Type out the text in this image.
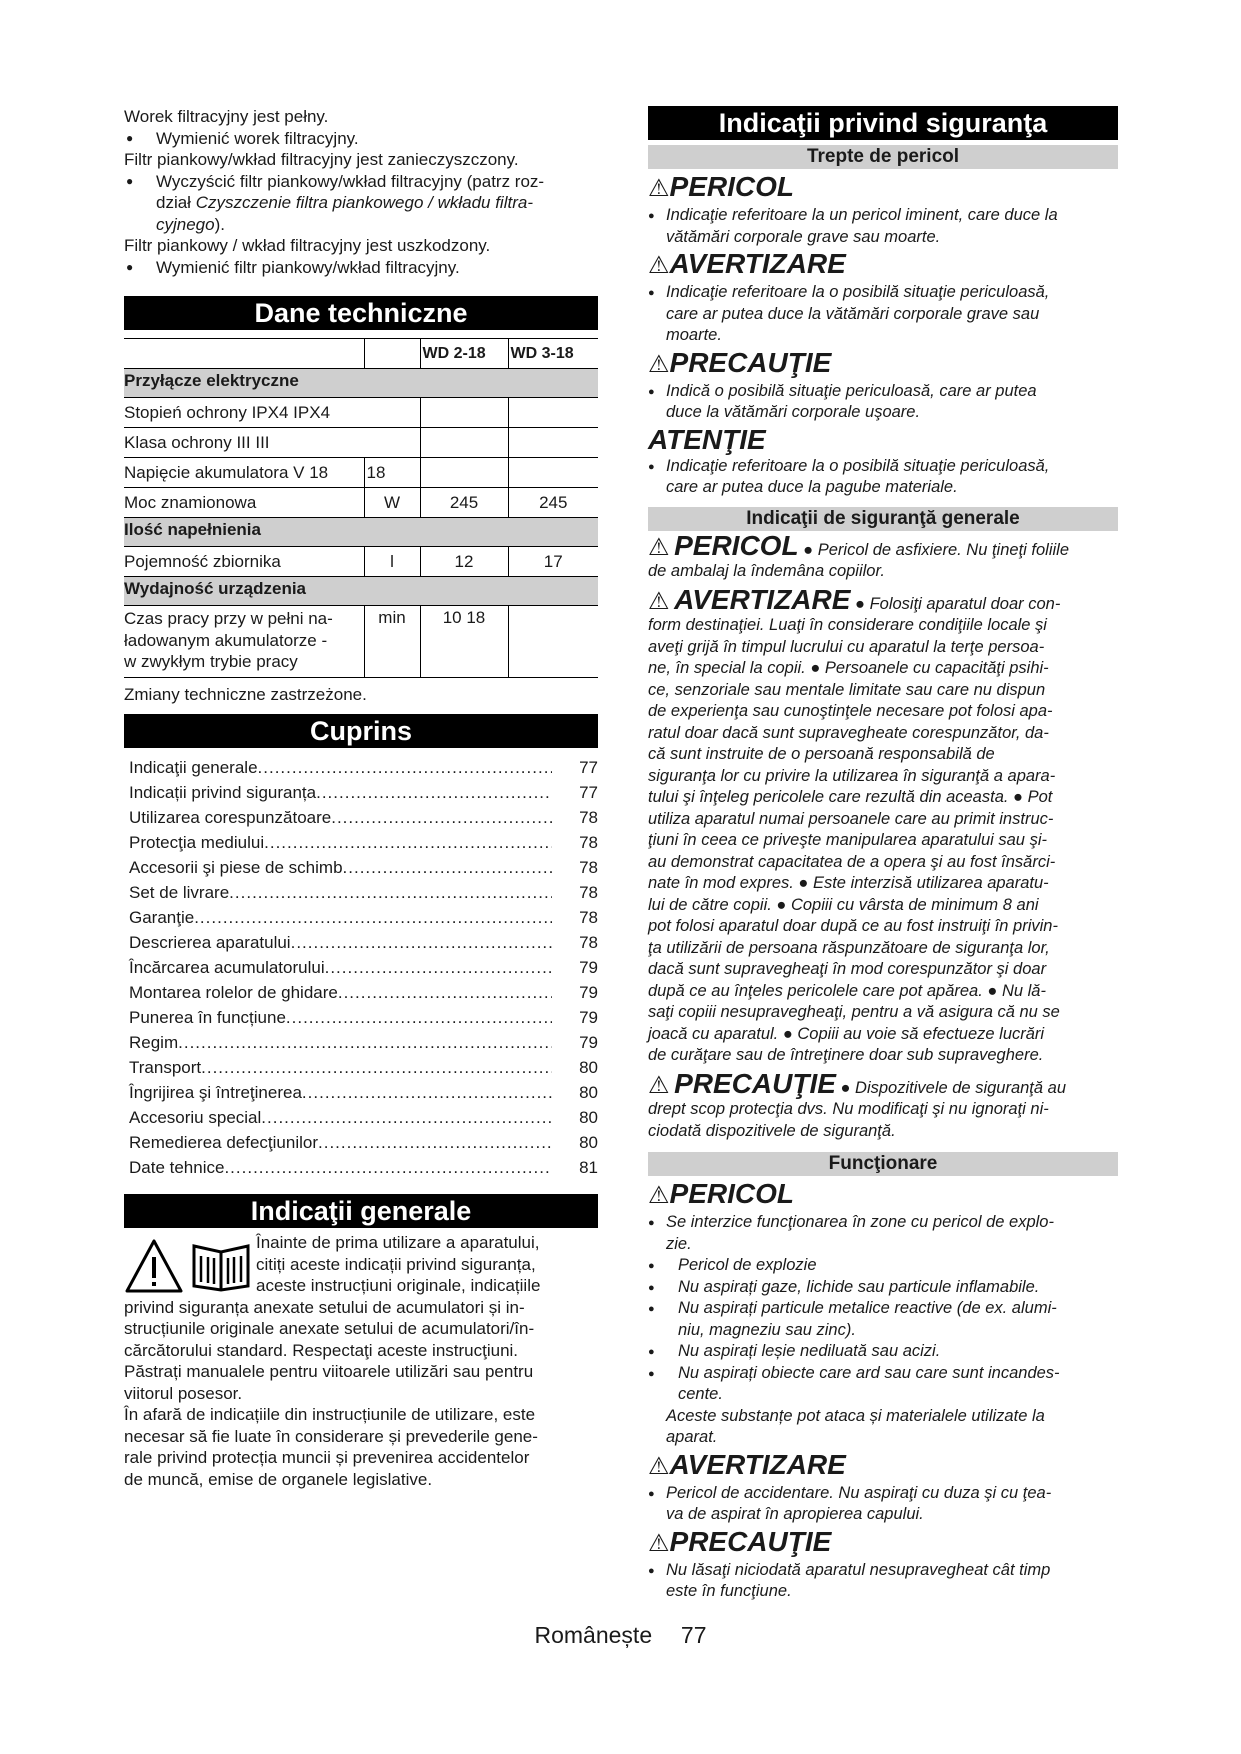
Worek filtracyjny jest pełny.

● Wymienić worek filtracyjny.

Filtr piankowy/wkład filtracyjny jest zanieczyszczony.

● Wyczyścić filtr piankowy/wkład filtracyjny (patrz roz-
dział Czyszczenie filtra piankowego / wkładu filtra-
cyjnego).

Filtr piankowy / wkład filtracyjny jest uszkodzony.

● Wymienić filtr piankowy/wkład filtracyjny.
Dane techniczne
		WD 2-18	WD 3-18
Przyłącze elektryczne			
Stopień ochrony IPX4 IPX4			
Klasa ochrony III III			
Napięcie akumulatora V 18	18		
Moc znamionowa	W	245	245
Ilość napełnienia			
Pojemność zbiornika	l	12	17
Wydajność urządzenia			

Czas pracy przy w pełni na-
ładowanym akumulatorze -
w zwykłym trybie pracy	min	10 18	

Zmiany techniczne zastrzeżone.

Cuprins
Indicaţii generale .....	77
Indicații privind siguranța .....	77
Utilizarea corespunzătoare .....	78
Protecţia mediului .....	78
Accesorii şi piese de schimb .....	78
Set de livrare .....	78
Garanţie .....	78
Descrierea aparatului .....	78
Încărcarea acumulatorului .....	79
Montarea rolelor de ghidare .....	79
Punerea în funcțiune .....	79
Regim .....	79
Transport .....	80
Îngrijirea şi întreţinerea .....	80
Accesoriu special .....	80
Remedierea defecţiunilor .....	80
Date tehnice .....	81
Indicaţii generale

Înainte de prima utilizare a aparatului,

citiți aceste indicații privind siguranța,

aceste instrucțiuni originale, indicațiile

privind siguranța anexate setului de acumulatori și in-

strucțiunile originale anexate setului de acumulatori/în-

cărcătorului standard. Respectaţi aceste instrucţiuni.

Păstrați manualele pentru viitoarele utilizări sau pentru

viitorul posesor.

În afară de indicațiile din instrucțiunile de utilizare, este

necesar să fie luate în considerare și prevederile gene-

rale privind protecția muncii și prevenirea accidentelor

de muncă, emise de organele legislative.

Indicaţii privind siguranţa
Trepte de pericol
⚠PERICOL
● Indicaţie referitoare la un pericol iminent, care duce la
vătămări corporale grave sau moarte.
⚠AVERTIZARE
● Indicaţie referitoare la o posibilă situaţie periculoasă,
care ar putea duce la vătămări corporale grave sau
moarte.
⚠PRECAUŢIE
● Indică o posibilă situaţie periculoasă, care ar putea
duce la vătămări corporale uşoare.
ATENŢIE
● Indicaţie referitoare la o posibilă situaţie periculoasă,
care ar putea duce la pagube materiale.
Indicaţii de siguranţă generale
⚠ PERICOL ● Pericol de asfixiere. Nu ţineţi foliile
de ambalaj la îndemâna copiilor.
⚠ AVERTIZARE ● Folosiţi aparatul doar con-
form destinaţiei. Luaţi în considerare condiţiile locale şi
aveţi grijă în timpul lucrului cu aparatul la terţe persoa-
ne, în special la copii. ● Persoanele cu capacităţi psihi-
ce, senzoriale sau mentale limitate sau care nu dispun
de experienţa sau cunoştinţele necesare pot folosi apa-
ratul doar dacă sunt supravegheate corespunzător, da-
că sunt instruite de o persoană responsabilă de
siguranţa lor cu privire la utilizarea în siguranţă a apara-
tului şi înţeleg pericolele care rezultă din aceasta. ● Pot
utiliza aparatul numai persoanele care au primit instruc-
ţiuni în ceea ce priveşte manipularea aparatului sau şi-
au demonstrat capacitatea de a opera şi au fost însărci-
nate în mod expres. ● Este interzisă utilizarea aparatu-
lui de către copii. ● Copiii cu vârsta de minimum 8 ani
pot folosi aparatul doar după ce au fost instruiţi în privin-
ţa utilizării de persoana răspunzătoare de siguranţa lor,
dacă sunt supravegheaţi în mod corespunzător şi doar
după ce au înţeles pericolele care pot apărea. ● Nu lă-
saţi copiii nesupravegheaţi, pentru a vă asigura că nu se
joacă cu aparatul. ● Copiii au voie să efectueze lucrări
de curăţare sau de întreţinere doar sub supraveghere.
⚠ PRECAUŢIE ● Dispozitivele de siguranţă au
drept scop protecţia dvs. Nu modificaţi şi nu ignoraţi ni-
ciodată dispozitivele de siguranţă.
Funcţionare
⚠PERICOL
● Se interzice funcţionarea în zone cu pericol de explo-
zie.
● Pericol de explozie
● Nu aspirați gaze, lichide sau particule inflamabile.
● Nu aspirați particule metalice reactive (de ex. alumi-
niu, magneziu sau zinc).
● Nu aspirați leșie nediluată sau acizi.
● Nu aspirați obiecte care ard sau care sunt incandes-
cente.
Aceste substanțe pot ataca și materialele utilizate la
aparat.
⚠AVERTIZARE
● Pericol de accidentare. Nu aspiraţi cu duza şi cu ţea-
va de aspirat în apropierea capului.
⚠PRECAUŢIE
● Nu lăsaţi niciodată aparatul nesupravegheat cât timp
este în funcţiune.
Românește 77
